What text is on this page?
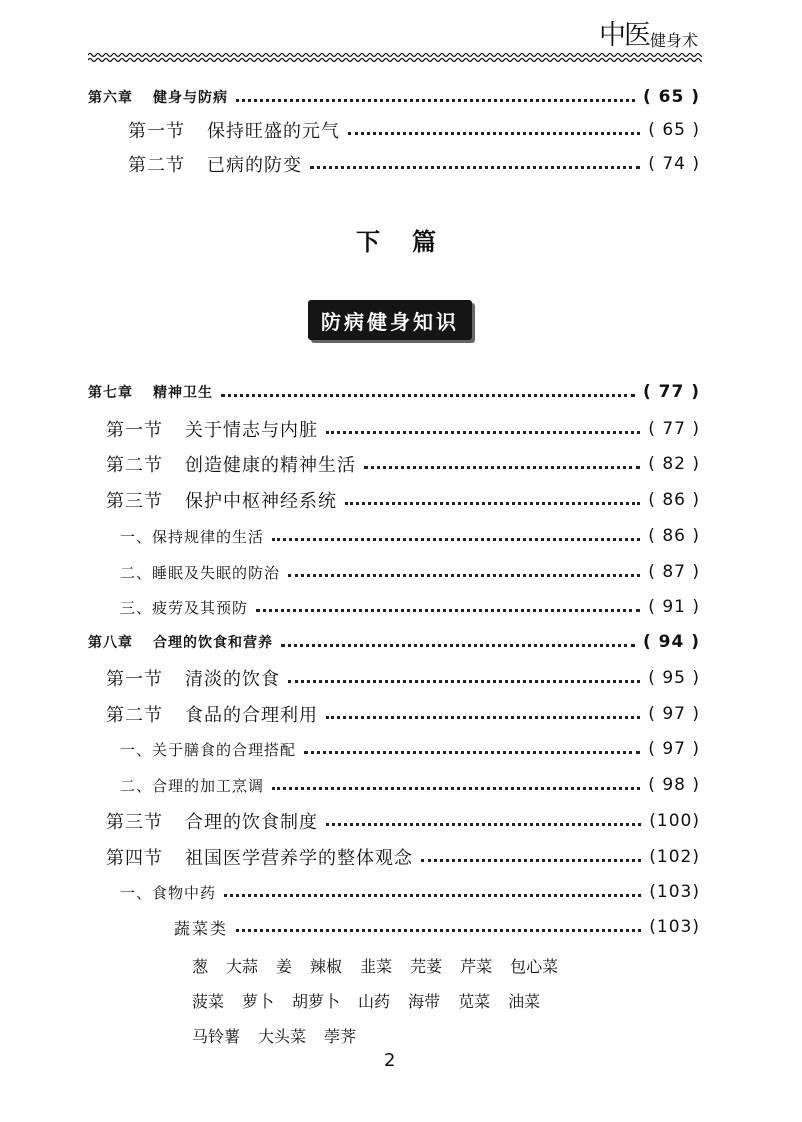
中医 健身术
第六章 健身与防病	( 65 )
第一节 保持旺盛的元气	( 65 )
第二节 已病的防变	( 74 )
下篇
防病健身知识
第七章 精神卫生	( 77 )
第一节 关于情志与内脏	( 77 )
第二节 创造健康的精神生活	( 82 )
第三节 保护中枢神经系统	( 86 )
一、保持规律的生活	( 86 )
二、睡眠及失眠的防治	( 87 )
三、疲劳及其预防	( 91 )
第八章 合理的饮食和营养	( 94 )
第一节 清淡的饮食	( 95 )
第二节 食品的合理利用	( 97 )
一、关于膳食的合理搭配	( 97 )
二、合理的加工烹调	( 98 )
第三节 合理的饮食制度	(100)
第四节 祖国医学营养学的整体观念	(102)
一、食物中药	(103)
蔬菜类	(103)
葱 大蒜 姜 辣椒 韭菜 芫荽 芹菜 包心菜
菠菜 萝卜 胡萝卜 山药 海带 苋菜 油菜
马铃薯 大头菜 荸荠
2
